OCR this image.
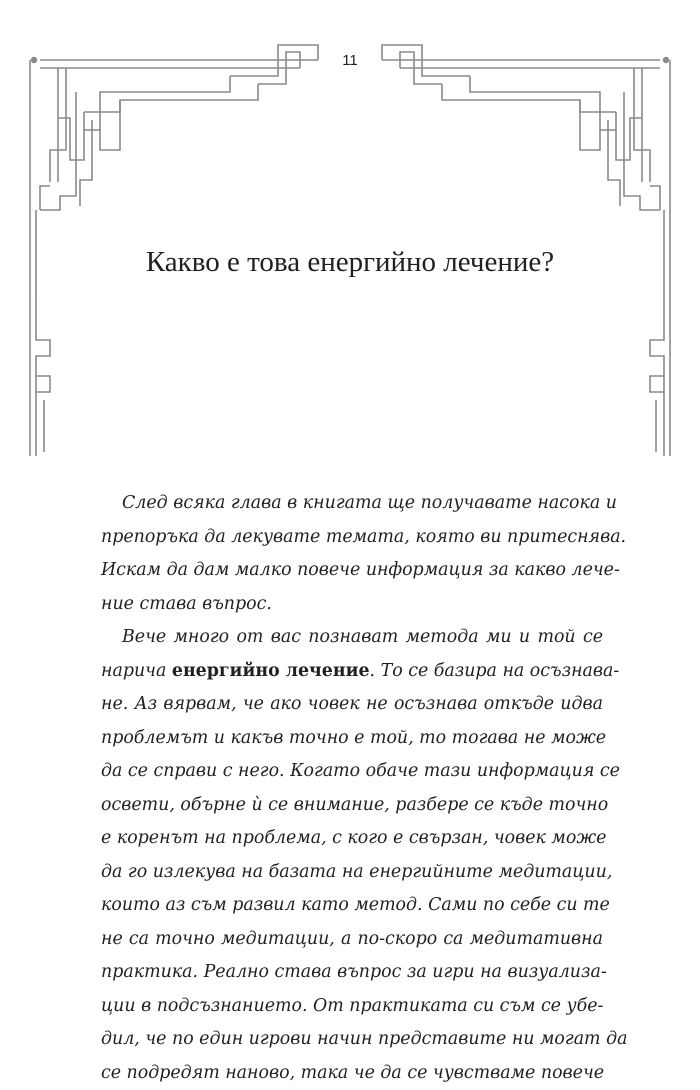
11
Какво е това енергийно лечение?

След всяка глава в книгата ще получавате насока и
препоръка да лекувате темата, която ви притеснява.
Искам да дам малко повече информация за какво лече-
ние става въпрос.

Вече много от вас познават метода ми и той се
нарича енергийно лечение. То се базира на осъзнава-
не. Аз вярвам, че ако човек не осъзнава откъде идва
проблемът и какъв точно е той, то тогава не може
да се справи с него. Когато обаче тази информация се
освети, обърне ѝ се внимание, разбере се къде точно
е коренът на проблема, с кого е свързан, човек може
да го излекува на базата на енергийните медитации,
които аз съм развил като метод. Сами по себе си те
не са точно медитации, а по-скоро са медитативна
практика. Реално става въпрос за игри на визуализа-
ции в подсъзнанието. От практиката си съм се убе-
дил, че по един игрови начин представите ни могат да
се подредят наново, така че да се чувстваме повече
